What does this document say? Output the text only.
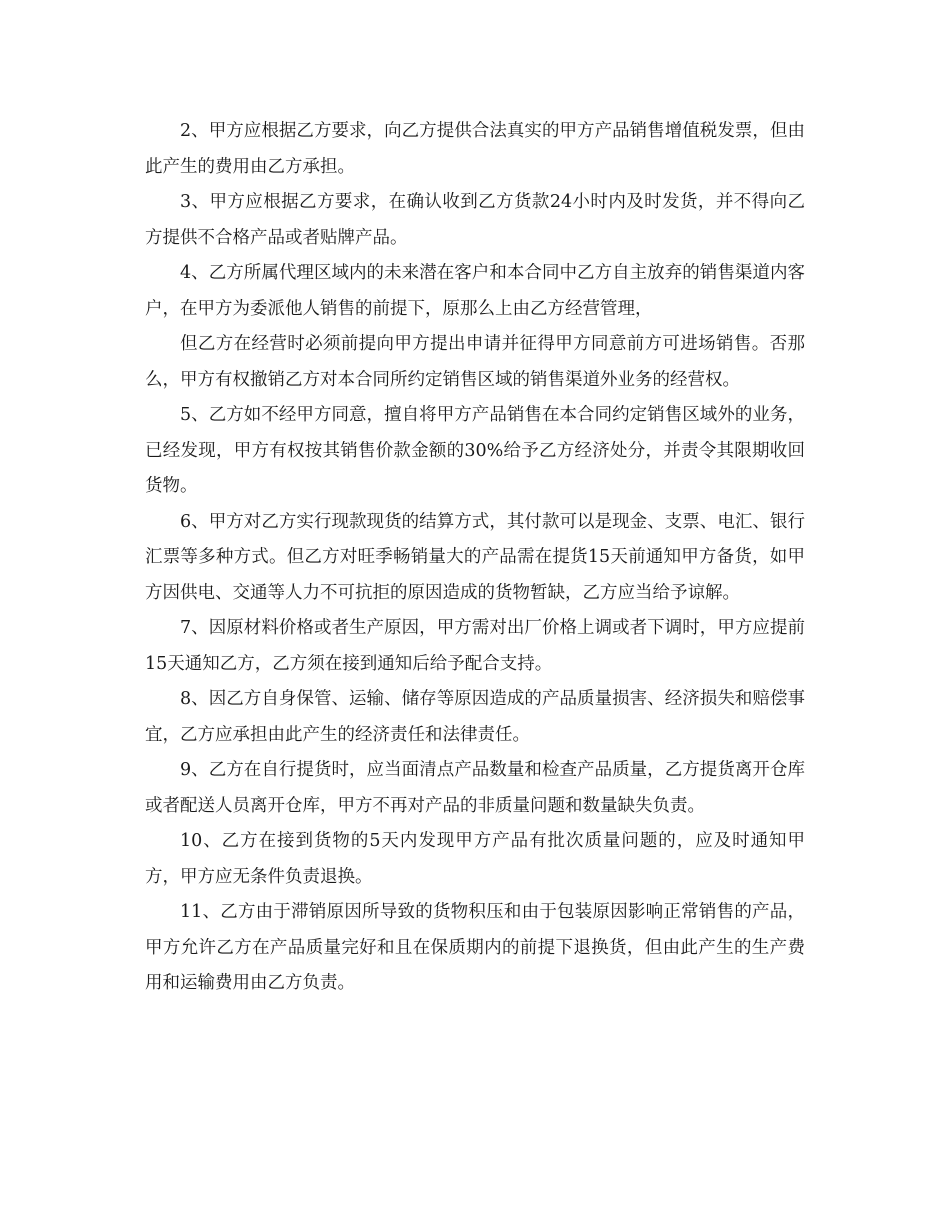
2、甲方应根据乙方要求，向乙方提供合法真实的甲方产品销售增值税发票，但由此产生的费用由乙方承担。

3、甲方应根据乙方要求，在确认收到乙方货款24小时内及时发货，并不得向乙方提供不合格产品或者贴牌产品。

4、乙方所属代理区域内的未来潜在客户和本合同中乙方自主放弃的销售渠道内客户，在甲方为委派他人销售的前提下，原那么上由乙方经营管理，

但乙方在经营时必须前提向甲方提出申请并征得甲方同意前方可进场销售。否那么，甲方有权撤销乙方对本合同所约定销售区域的销售渠道外业务的经营权。

5、乙方如不经甲方同意，擅自将甲方产品销售在本合同约定销售区域外的业务，已经发现，甲方有权按其销售价款金额的30%给予乙方经济处分，并责令其限期收回货物。

6、甲方对乙方实行现款现货的结算方式，其付款可以是现金、支票、电汇、银行汇票等多种方式。但乙方对旺季畅销量大的产品需在提货15天前通知甲方备货，如甲方因供电、交通等人力不可抗拒的原因造成的货物暂缺，乙方应当给予谅解。

7、因原材料价格或者生产原因，甲方需对出厂价格上调或者下调时，甲方应提前15天通知乙方，乙方须在接到通知后给予配合支持。

8、因乙方自身保管、运输、储存等原因造成的产品质量损害、经济损失和赔偿事宜，乙方应承担由此产生的经济责任和法律责任。

9、乙方在自行提货时，应当面清点产品数量和检查产品质量，乙方提货离开仓库或者配送人员离开仓库，甲方不再对产品的非质量问题和数量缺失负责。

10、乙方在接到货物的5天内发现甲方产品有批次质量问题的，应及时通知甲方，甲方应无条件负责退换。

11、乙方由于滞销原因所导致的货物积压和由于包装原因影响正常销售的产品，甲方允许乙方在产品质量完好和且在保质期内的前提下退换货，但由此产生的生产费用和运输费用由乙方负责。
